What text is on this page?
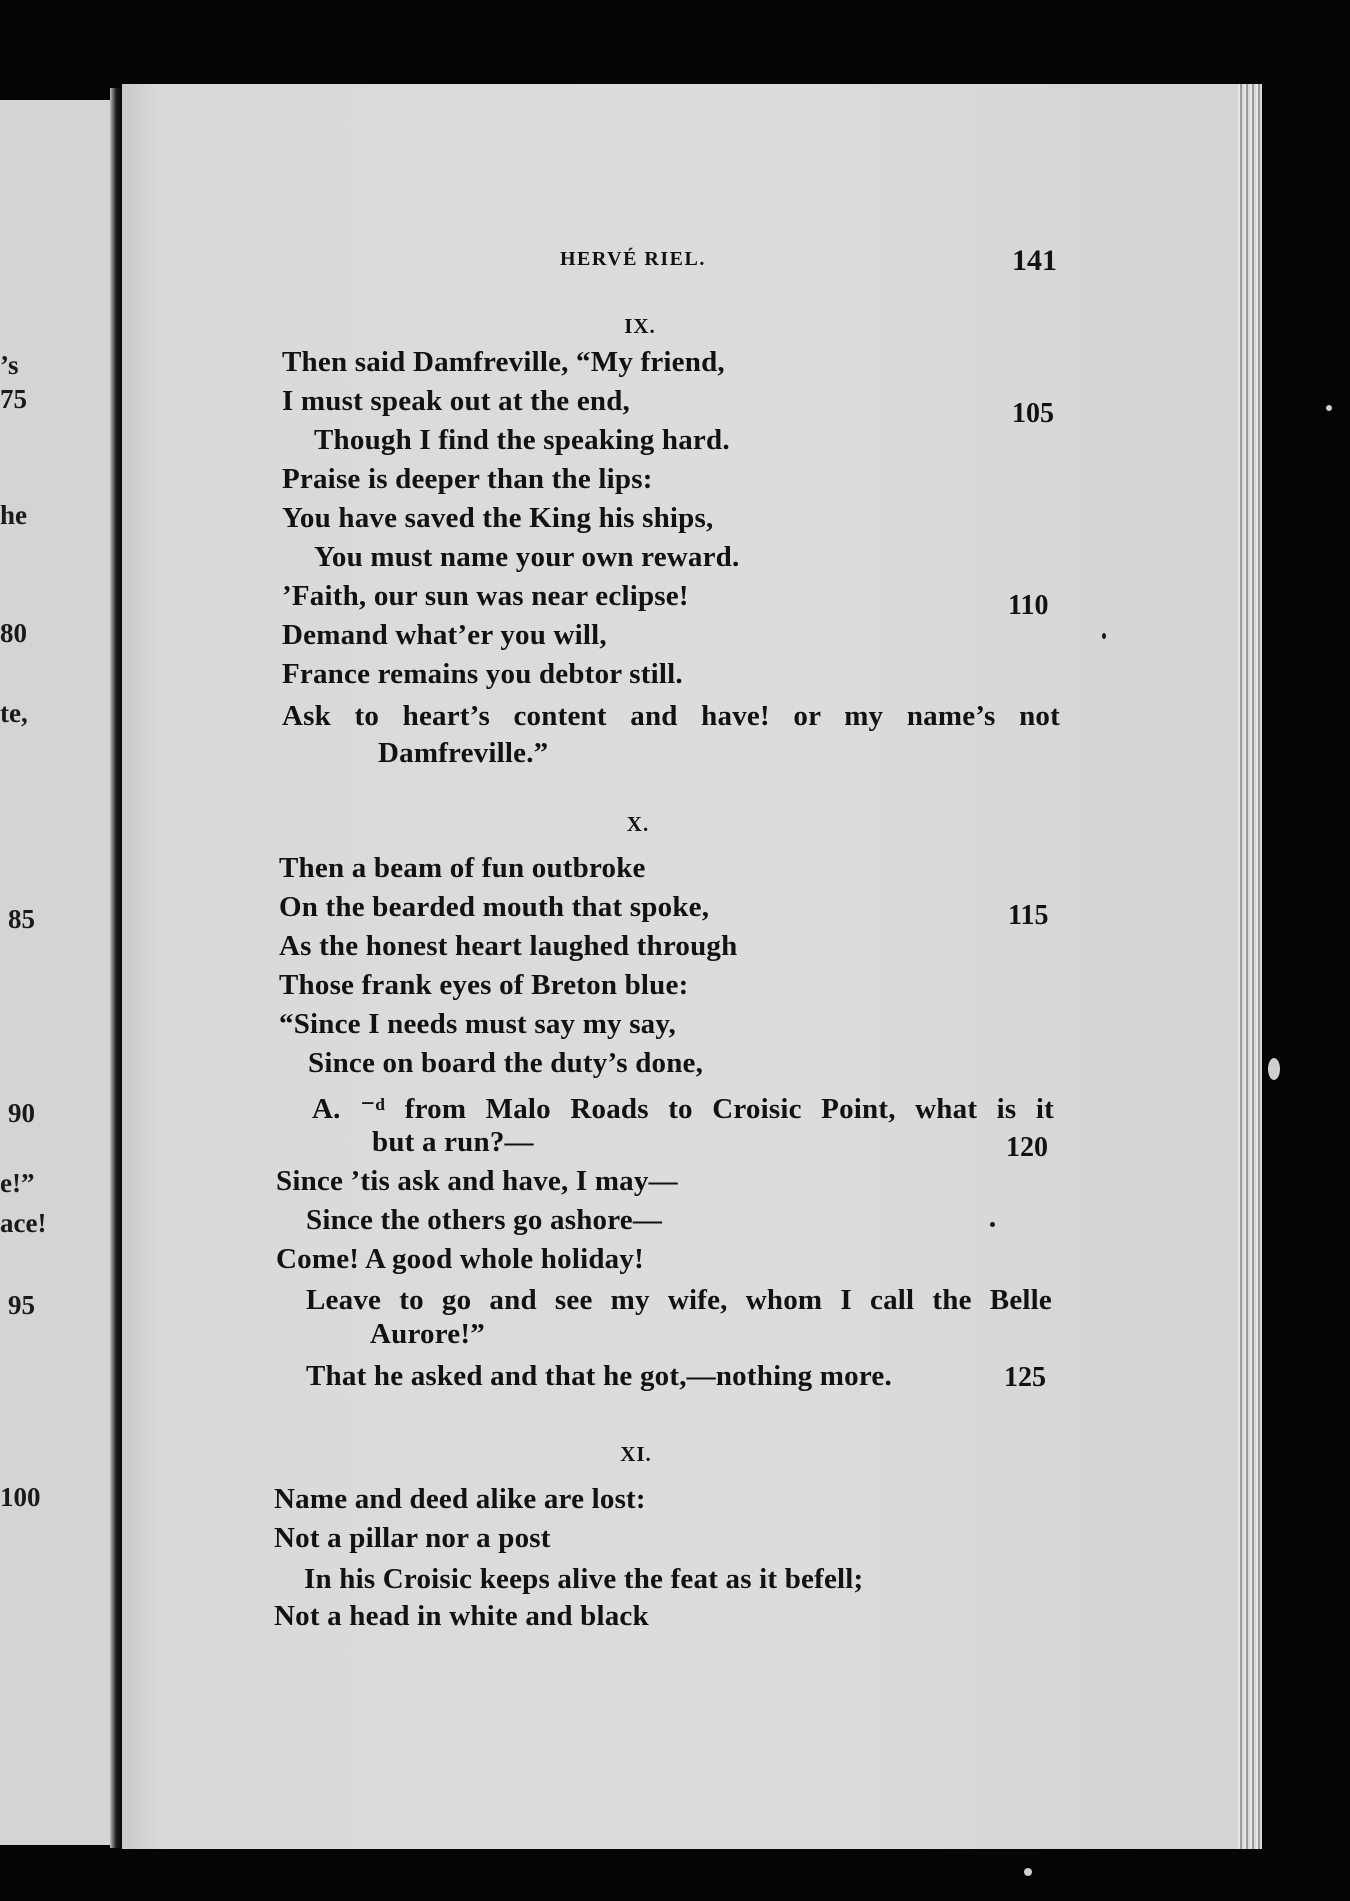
’s
75
he
80
te,
85
90
e!”
ace!
95
100
HERVÉ RIEL.	141
IX.
Then said Damfreville, “My friend,
I must speak out at the end,
Though I find the speaking hard.
Praise is deeper than the lips:
You have saved the King his ships,
You must name your own reward.
’Faith, our sun was near eclipse!
Demand what’er you will,
France remains you debtor still.
Ask to heart’s content and have! or my name’s not
Damfreville.”
105
110
X.
Then a beam of fun outbroke
On the bearded mouth that spoke,
As the honest heart laughed through
Those frank eyes of Breton blue:
“Since I needs must say my say,
Since on board the duty’s done,
A. ⁻ᵈ from Malo Roads to Croisic Point, what is it
but a run?—
Since ’tis ask and have, I may—
Since the others go ashore—
Come! A good whole holiday!
Leave to go and see my wife, whom I call the Belle
Aurore!”
That he asked and that he got,—nothing more.
115
120
125
XI.
Name and deed alike are lost:
Not a pillar nor a post
In his Croisic keeps alive the feat as it befell;
Not a head in white and black
